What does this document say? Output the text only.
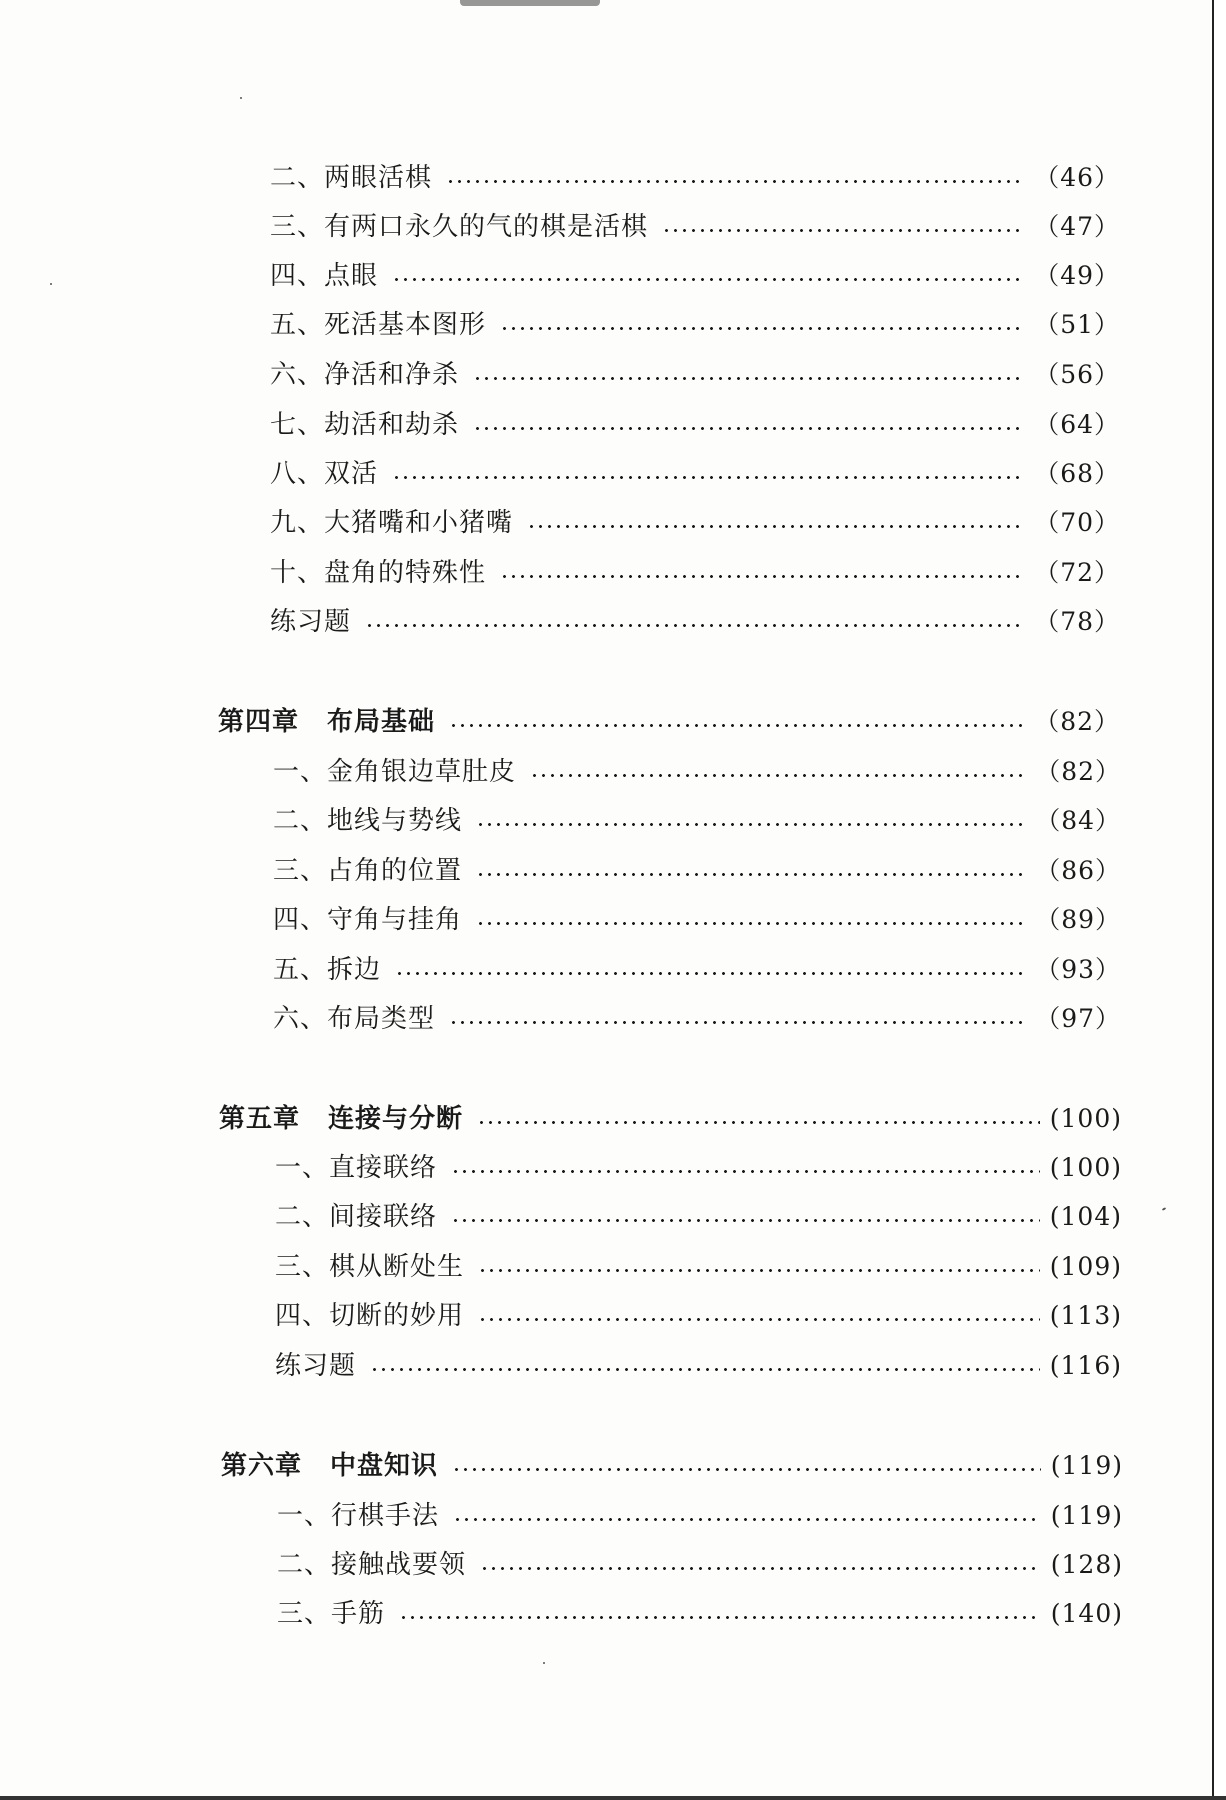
二、两眼活棋	（46）
三、有两口永久的气的棋是活棋	（47）
四、点眼	（49）
五、死活基本图形	（51）
六、净活和净杀	（56）
七、劫活和劫杀	（64）
八、双活	（68）
九、大猪嘴和小猪嘴	（70）
十、盘角的特殊性	（72）
练习题	（78）
第四章 布局基础	（82）
一、金角银边草肚皮	（82）
二、地线与势线	（84）
三、占角的位置	（86）
四、守角与挂角	（89）
五、拆边	（93）
六、布局类型	（97）
第五章 连接与分断	(100)
一、直接联络	(100)
二、间接联络	(104)
三、棋从断处生	(109)
四、切断的妙用	(113)
练习题	(116)
第六章 中盘知识	(119)
一、行棋手法	(119)
二、接触战要领	(128)
三、手筋	(140)
